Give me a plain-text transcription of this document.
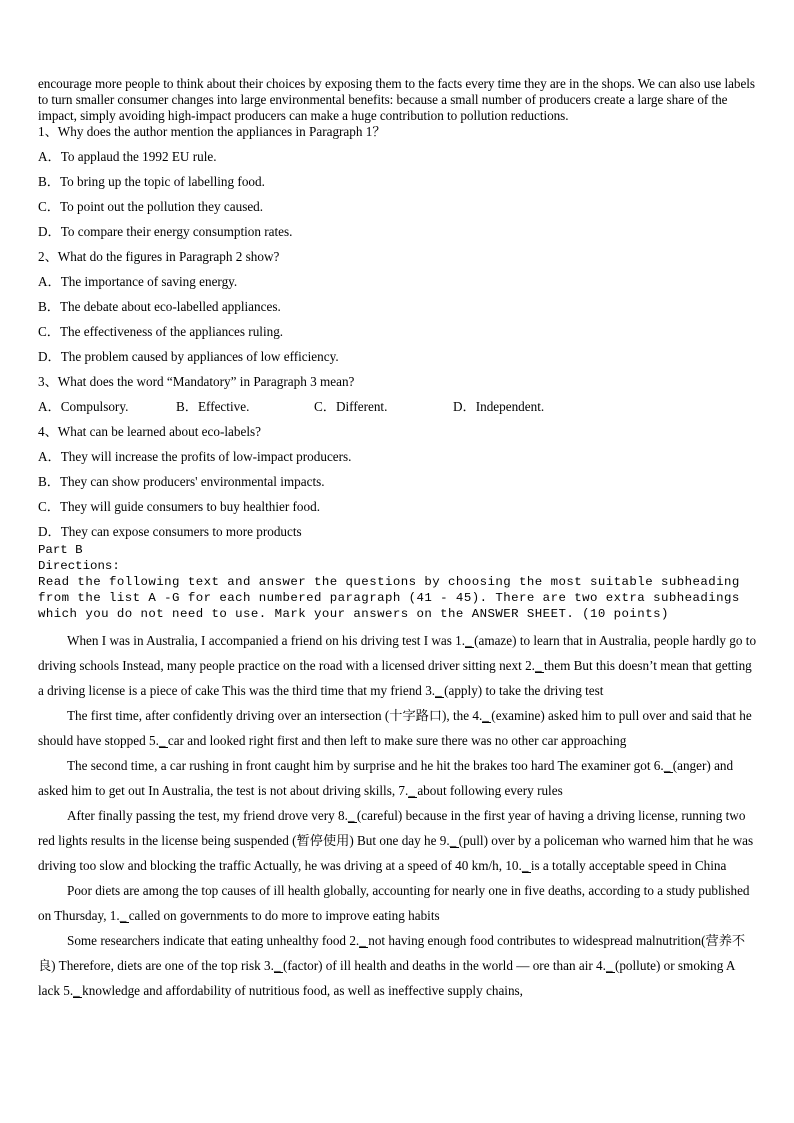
encourage more people to think about their choices by exposing them to the facts every time they are in the shops. We can also use labels to turn smaller consumer changes into large environmental benefits: because a small number of producers create a large share of the impact, simply avoiding high-impact producers can make a huge contribution to pollution reductions.

1、Why does the author mention the appliances in Paragraph 1？

A．To applaud the 1992 EU rule.
B．To bring up the topic of labelling food.
C．To point out the pollution they caused.
D．To compare their energy consumption rates.
2、What do the figures in Paragraph 2 show?
A．The importance of saving energy.
B．The debate about eco-labelled appliances.
C．The effectiveness of the appliances ruling.
D．The problem caused by appliances of low efficiency.
3、What does the word “Mandatory” in Paragraph 3 mean?
A．Compulsory.	B．Effective.	C．Different.	D．Independent.
4、What can be learned about eco-labels?
A．They will increase the profits of low-impact producers.
B．They can show producers' environmental impacts.
C．They will guide consumers to buy healthier food.
D．They can expose consumers to more products
Part B
Directions:
Read the following text and answer the questions by choosing the most suitable subheading from the list A -G for each numbered paragraph (41 - 45). There are two extra subheadings which you do not need to use. Mark your answers on the ANSWER SHEET. (10 points)

When I was in Australia, I accompanied a friend on his driving test I was 1._ (amaze) to learn that in Australia, people hardly go to driving schools Instead, many people practice on the road with a licensed driver sitting next 2._ them But this doesn’t mean that getting a driving license is a piece of cake This was the third time that my friend 3._ (apply) to take the driving test

The first time, after confidently driving over an intersection (十字路口), the 4._ (examine) asked him to pull over and said that he should have stopped 5._ car and looked right first and then left to make sure there was no other car approaching

The second time, a car rushing in front caught him by surprise and he hit the brakes too hard The examiner got 6._ (anger) and asked him to get out In Australia, the test is not about driving skills, 7._ about following every rules

After finally passing the test, my friend drove very 8._ (careful) because in the first year of having a driving license, running two red lights results in the license being suspended (暂停使用) But one day he 9._ (pull) over by a policeman who warned him that he was driving too slow and blocking the traffic Actually, he was driving at a speed of 40 km/h, 10._ is a totally acceptable speed in China

Poor diets are among the top causes of ill health globally, accounting for nearly one in five deaths, according to a study published on Thursday, 1._ called on governments to do more to improve eating habits

Some researchers indicate that eating unhealthy food 2._ not having enough food contributes to widespread malnutrition(营养不良) Therefore, diets are one of the top risk 3._ (factor) of ill health and deaths in the world — ore than air 4._ (pollute) or smoking A lack 5._ knowledge and affordability of nutritious food, as well as ineffective supply chains,
